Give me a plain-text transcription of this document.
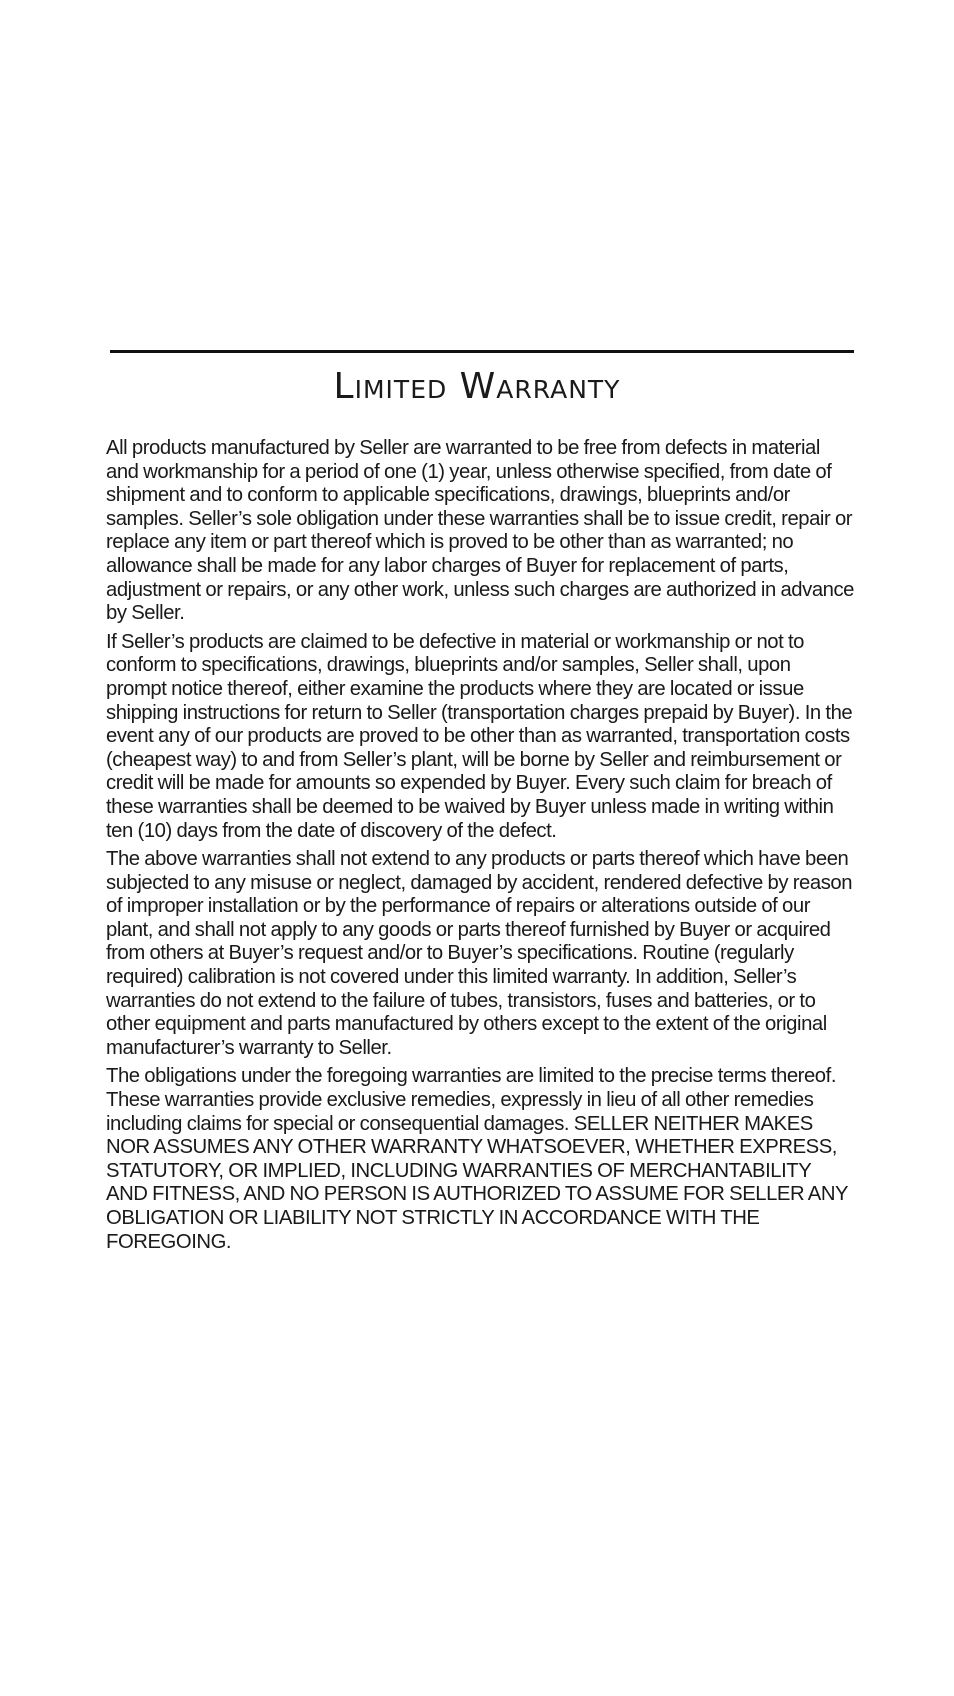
Limited Warranty

All products manufactured by Seller are warranted to be free from defects in material and workmanship for a period of one (1) year, unless otherwise specified, from date of shipment and to conform to applicable specifications, drawings, blueprints and/or samples. Seller’s sole obligation under these warranties shall be to issue credit, repair or replace any item or part thereof which is proved to be other than as warranted; no allowance shall be made for any labor charges of Buyer for replacement of parts, adjustment or repairs, or any other work, unless such charges are authorized in advance by Seller.

If Seller’s products are claimed to be defective in material or workmanship or not to conform to specifications, drawings, blueprints and/or samples, Seller shall, upon prompt notice thereof, either examine the products where they are located or issue shipping instructions for return to Seller (transportation charges prepaid by Buyer). In the event any of our products are proved to be other than as warranted, transportation costs (cheapest way) to and from Seller’s plant, will be borne by Seller and reimbursement or credit will be made for amounts so expended by Buyer. Every such claim for breach of these warranties shall be deemed to be waived by Buyer unless made in writing within ten (10) days from the date of discovery of the defect.

The above warranties shall not extend to any products or parts thereof which have been subjected to any misuse or neglect, damaged by accident, rendered defective by reason of improper installation or by the performance of repairs or alterations outside of our plant, and shall not apply to any goods or parts thereof furnished by Buyer or acquired from others at Buyer’s request and/or to Buyer’s specifications. Routine (regularly required) calibration is not covered under this limited warranty. In addition, Seller’s warranties do not extend to the failure of tubes, transistors, fuses and batteries, or to other equipment and parts manufactured by others except to the extent of the original manufacturer’s warranty to Seller.

The obligations under the foregoing warranties are limited to the precise terms thereof. These warranties provide exclusive remedies, expressly in lieu of all other remedies including claims for special or consequential damages. SELLER NEITHER MAKES NOR ASSUMES ANY OTHER WARRANTY WHATSOEVER, WHETHER EXPRESS, STATUTORY, OR IMPLIED, INCLUDING WARRANTIES OF MERCHANTABILITY AND FITNESS, AND NO PERSON IS AUTHORIZED TO ASSUME FOR SELLER ANY OBLIGATION OR LIABILITY NOT STRICTLY IN ACCORDANCE WITH THE FOREGOING.
